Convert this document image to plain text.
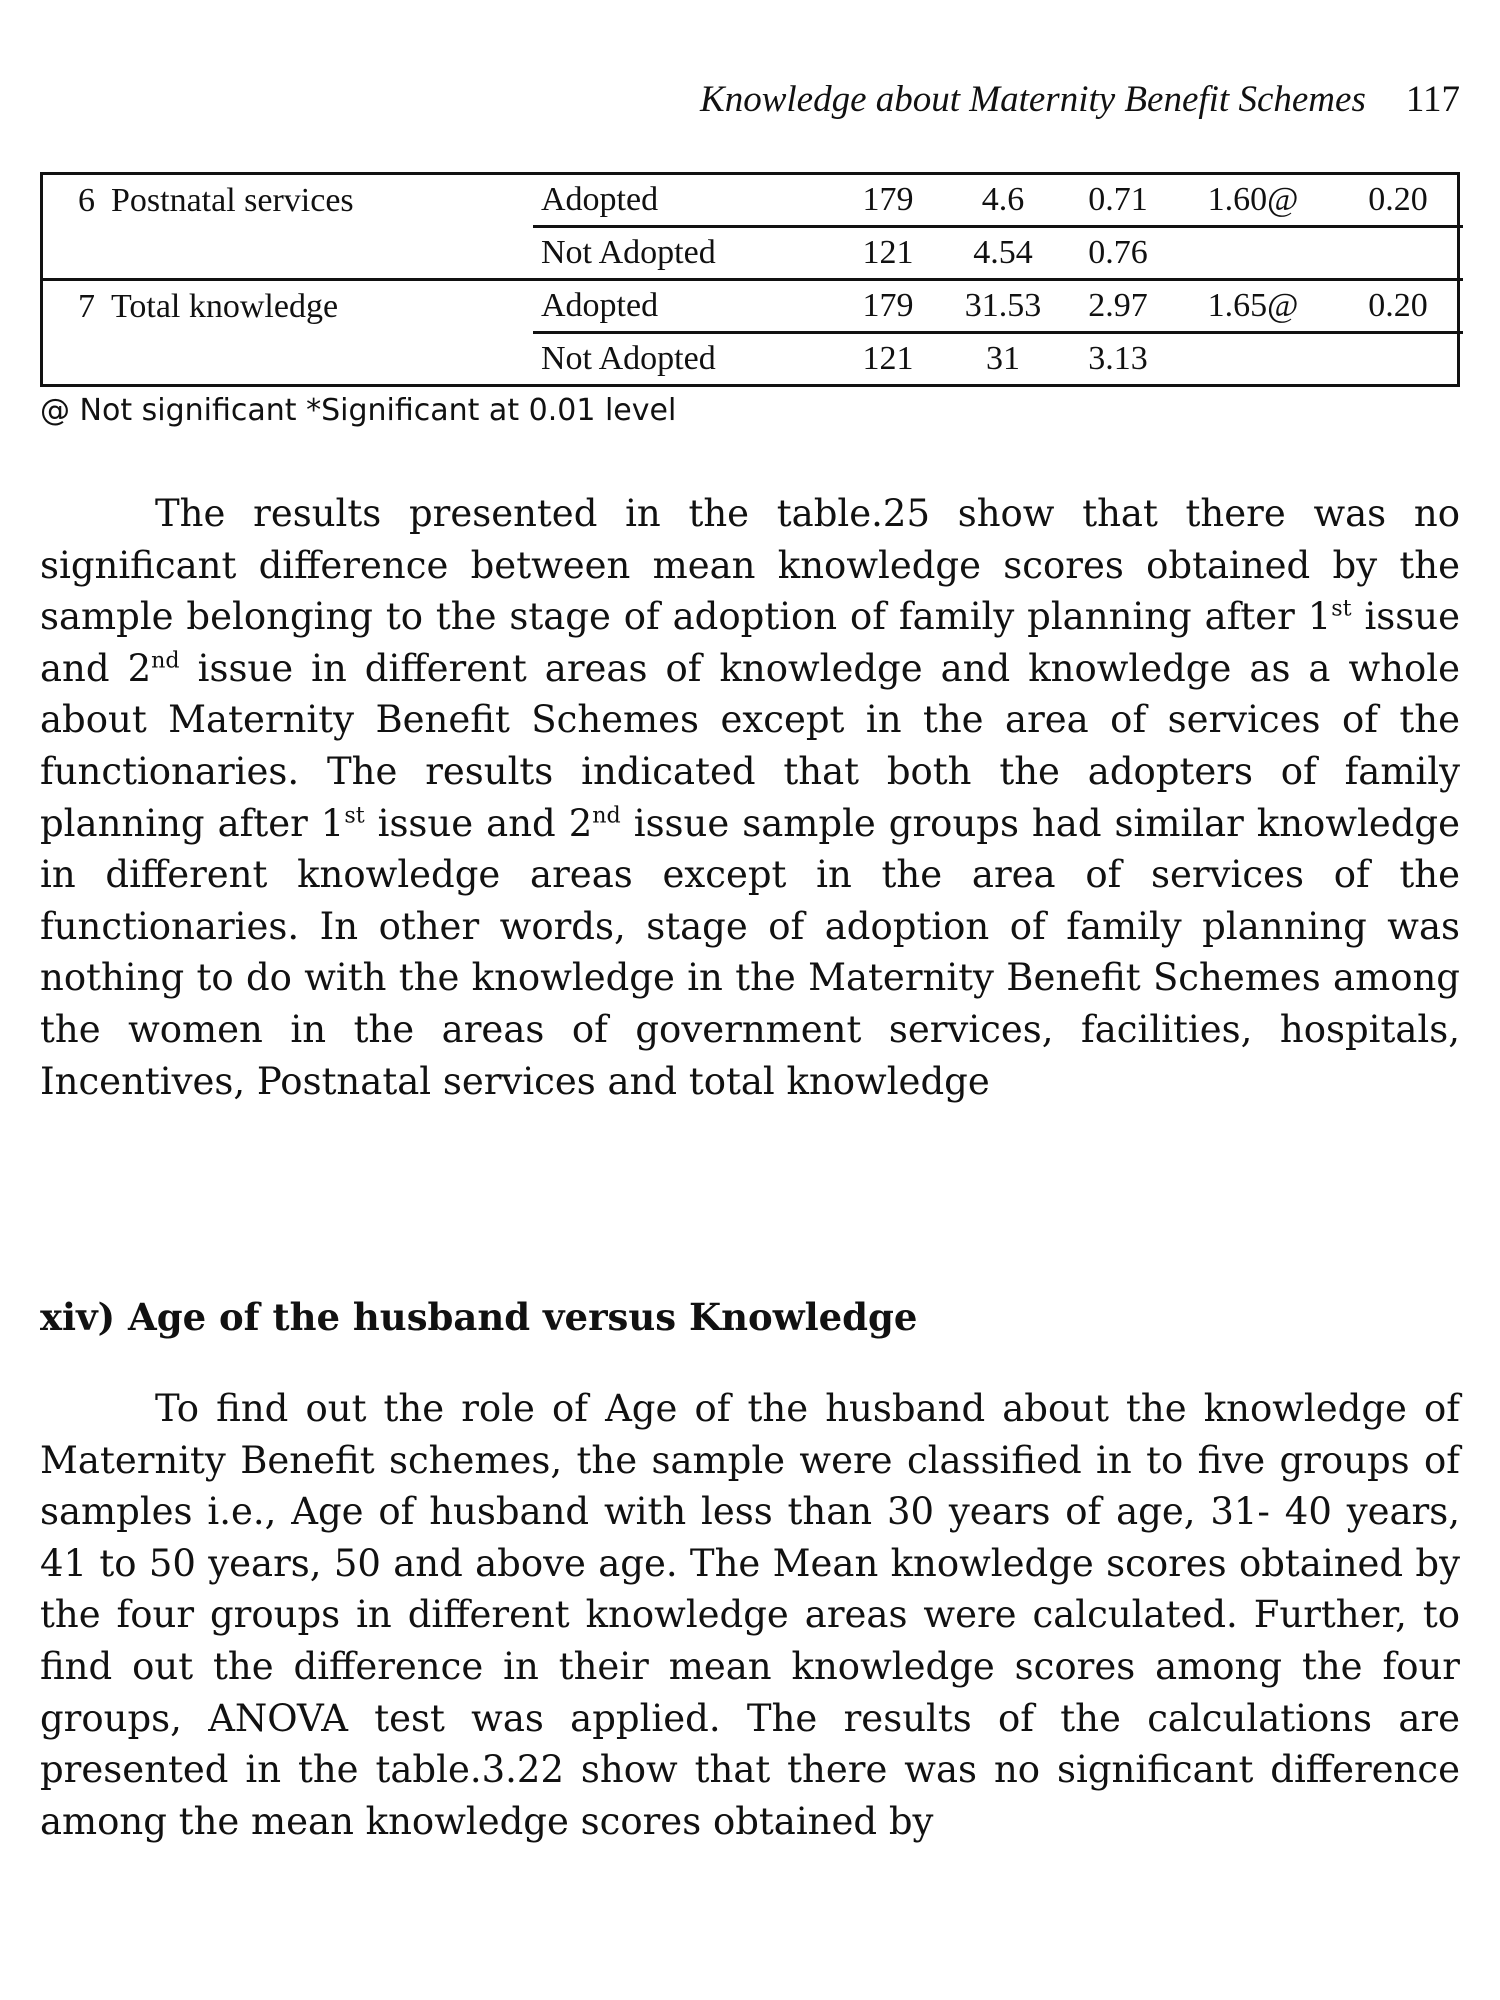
Knowledge about Maternity Benefit Schemes 117
6	Postnatal services	Adopted	179	4.6	0.71	1.60@	0.20
		Not Adopted	121	4.54	0.76		
7	Total knowledge	Adopted	179	31.53	2.97	1.65@	0.20
		Not Adopted	121	31	3.13		
@ Not significant *Significant at 0.01 level

The results presented in the table.25 show that there was no significant difference between mean knowledge scores obtained by the sample belonging to the stage of adoption of family planning after 1st issue and 2nd issue in different areas of knowledge and knowledge as a whole about Maternity Benefit Schemes except in the area of services of the functionaries. The results indicated that both the adopters of family planning after 1st issue and 2nd issue sample groups had similar knowledge in different knowledge areas except in the area of services of the functionaries. In other words, stage of adoption of family planning was nothing to do with the knowledge in the Maternity Benefit Schemes among the women in the areas of government services, facilities, hospitals, Incentives, Postnatal services and total knowledge

xiv) Age of the husband versus Knowledge

To find out the role of Age of the husband about the knowledge of Maternity Benefit schemes, the sample were classified in to five groups of samples i.e., Age of husband with less than 30 years of age, 31- 40 years, 41 to 50 years, 50 and above age. The Mean knowledge scores obtained by the four groups in different knowledge areas were calculated. Further, to find out the difference in their mean knowledge scores among the four groups, ANOVA test was applied. The results of the calculations are presented in the table.3.22 show that there was no significant difference among the mean knowledge scores obtained by
